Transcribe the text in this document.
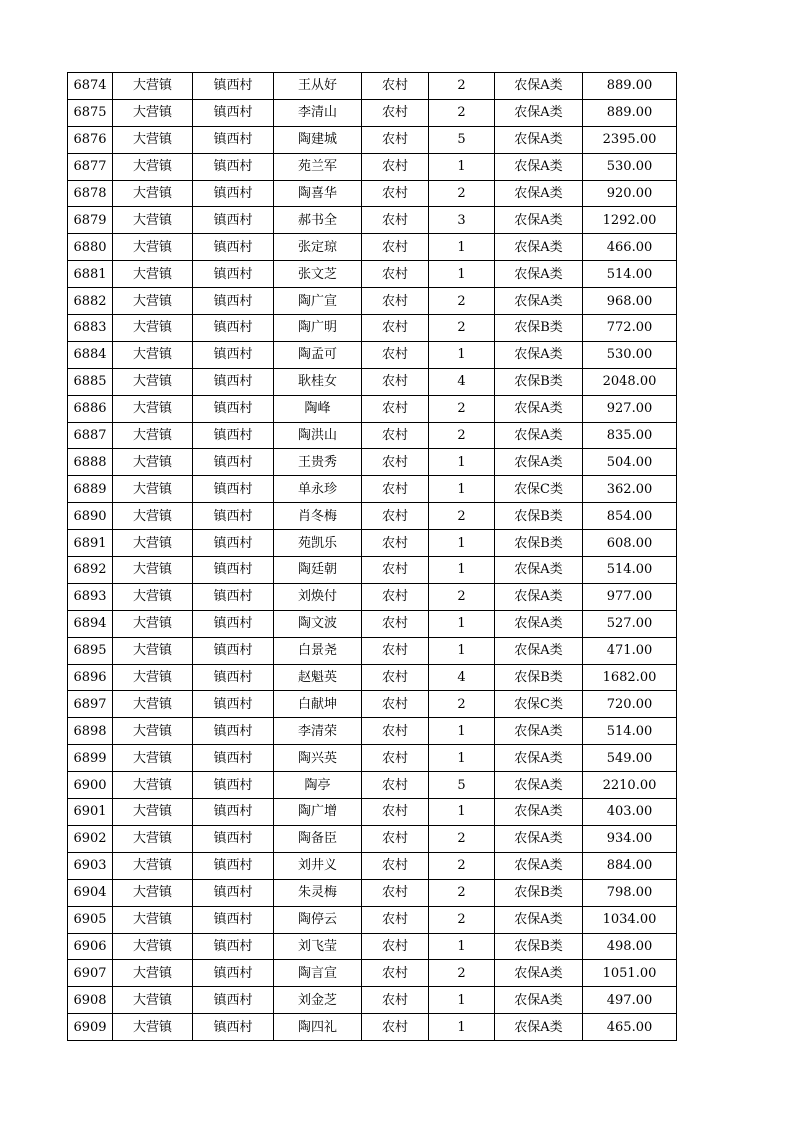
6874	大营镇	镇西村	王从好	农村	2	农保A类	889.00
6875	大营镇	镇西村	李清山	农村	2	农保A类	889.00
6876	大营镇	镇西村	陶建城	农村	5	农保A类	2395.00
6877	大营镇	镇西村	苑兰军	农村	1	农保A类	530.00
6878	大营镇	镇西村	陶喜华	农村	2	农保A类	920.00
6879	大营镇	镇西村	郝书全	农村	3	农保A类	1292.00
6880	大营镇	镇西村	张定琼	农村	1	农保A类	466.00
6881	大营镇	镇西村	张文芝	农村	1	农保A类	514.00
6882	大营镇	镇西村	陶广宣	农村	2	农保A类	968.00
6883	大营镇	镇西村	陶广明	农村	2	农保B类	772.00
6884	大营镇	镇西村	陶孟可	农村	1	农保A类	530.00
6885	大营镇	镇西村	耿桂女	农村	4	农保B类	2048.00
6886	大营镇	镇西村	陶峰	农村	2	农保A类	927.00
6887	大营镇	镇西村	陶洪山	农村	2	农保A类	835.00
6888	大营镇	镇西村	王贵秀	农村	1	农保A类	504.00
6889	大营镇	镇西村	单永珍	农村	1	农保C类	362.00
6890	大营镇	镇西村	肖冬梅	农村	2	农保B类	854.00
6891	大营镇	镇西村	苑凯乐	农村	1	农保B类	608.00
6892	大营镇	镇西村	陶廷朝	农村	1	农保A类	514.00
6893	大营镇	镇西村	刘焕付	农村	2	农保A类	977.00
6894	大营镇	镇西村	陶文波	农村	1	农保A类	527.00
6895	大营镇	镇西村	白景尧	农村	1	农保A类	471.00
6896	大营镇	镇西村	赵魁英	农村	4	农保B类	1682.00
6897	大营镇	镇西村	白献坤	农村	2	农保C类	720.00
6898	大营镇	镇西村	李清荣	农村	1	农保A类	514.00
6899	大营镇	镇西村	陶兴英	农村	1	农保A类	549.00
6900	大营镇	镇西村	陶亭	农村	5	农保A类	2210.00
6901	大营镇	镇西村	陶广增	农村	1	农保A类	403.00
6902	大营镇	镇西村	陶备臣	农村	2	农保A类	934.00
6903	大营镇	镇西村	刘井义	农村	2	农保A类	884.00
6904	大营镇	镇西村	朱灵梅	农村	2	农保B类	798.00
6905	大营镇	镇西村	陶停云	农村	2	农保A类	1034.00
6906	大营镇	镇西村	刘飞莹	农村	1	农保B类	498.00
6907	大营镇	镇西村	陶言宣	农村	2	农保A类	1051.00
6908	大营镇	镇西村	刘金芝	农村	1	农保A类	497.00
6909	大营镇	镇西村	陶四礼	农村	1	农保A类	465.00
